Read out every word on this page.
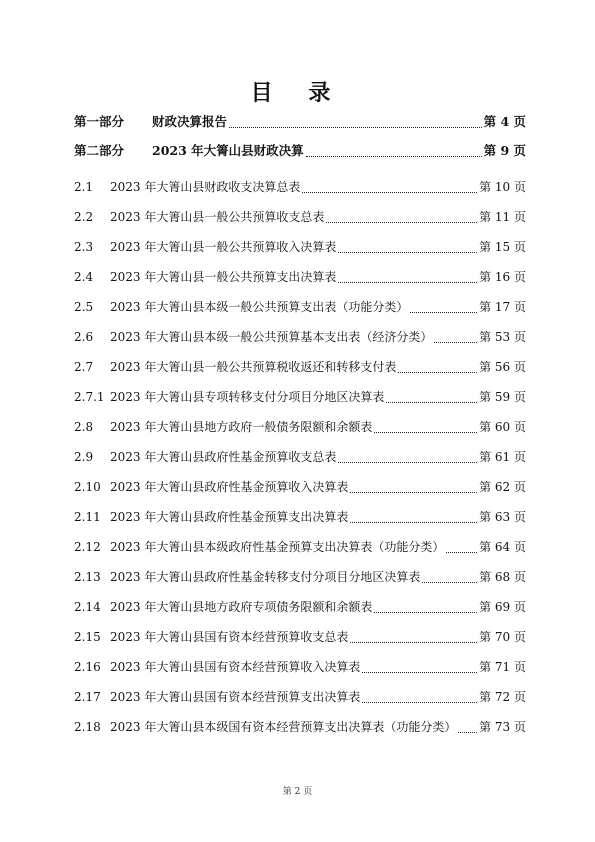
目 录
第一部分	财政决算报告	第 4 页
第二部分	2023 年大箐山县财政决算	第 9 页
2.1	2023 年大箐山县财政收支决算总表	第 10 页
2.2	2023 年大箐山县一般公共预算收支总表	第 11 页
2.3	2023 年大箐山县一般公共预算收入决算表	第 15 页
2.4	2023 年大箐山县一般公共预算支出决算表	第 16 页
2.5	2023 年大箐山县本级一般公共预算支出表（功能分类）	第 17 页
2.6	2023 年大箐山县本级一般公共预算基本支出表（经济分类）	第 53 页
2.7	2023 年大箐山县一般公共预算税收返还和转移支付表	第 56 页
2.7.1 2023 年大箐山县专项转移支付分项目分地区决算表	第 59 页
2.8	2023 年大箐山县地方政府一般债务限额和余额表	第 60 页
2.9	2023 年大箐山县政府性基金预算收支总表	第 61 页
2.10 2023 年大箐山县政府性基金预算收入决算表	第 62 页
2.11 2023 年大箐山县政府性基金预算支出决算表	第 63 页
2.12 2023 年大箐山县本级政府性基金预算支出决算表（功能分类）	第 64 页
2.13 2023 年大箐山县政府性基金转移支付分项目分地区决算表	第 68 页
2.14 2023 年大箐山县地方政府专项债务限额和余额表	第 69 页
2.15 2023 年大箐山县国有资本经营预算收支总表	第 70 页
2.16 2023 年大箐山县国有资本经营预算收入决算表	第 71 页
2.17 2023 年大箐山县国有资本经营预算支出决算表	第 72 页
2.18 2023 年大箐山县本级国有资本经营预算支出决算表（功能分类） 第 73 页
第 2 页
